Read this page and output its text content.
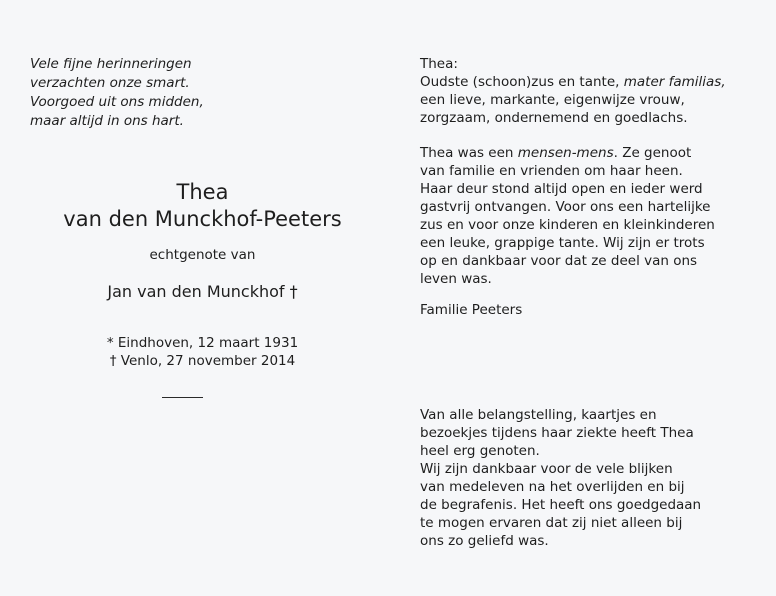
Vele fijne herinneringen
verzachten onze smart.
Voorgoed uit ons midden,
maar altijd in ons hart.
Thea
van den Munckhof-Peeters
echtgenote van
Jan van den Munckhof †
* Eindhoven, 12 maart 1931
† Venlo, 27 november 2014
Thea:
Oudste (schoon)zus en tante, mater familias,
een lieve, markante, eigenwijze vrouw,
zorgzaam, ondernemend en goedlachs.
Thea was een mensen-mens. Ze genoot
van familie en vrienden om haar heen.
Haar deur stond altijd open en ieder werd
gastvrij ontvangen. Voor ons een hartelijke
zus en voor onze kinderen en kleinkinderen
een leuke, grappige tante. Wij zijn er trots
op en dankbaar voor dat ze deel van ons
leven was.
Familie Peeters
Van alle belangstelling, kaartjes en
bezoekjes tijdens haar ziekte heeft Thea
heel erg genoten.
Wij zijn dankbaar voor de vele blijken
van medeleven na het overlijden en bij
de begrafenis. Het heeft ons goedgedaan
te mogen ervaren dat zij niet alleen bij
ons zo geliefd was.
